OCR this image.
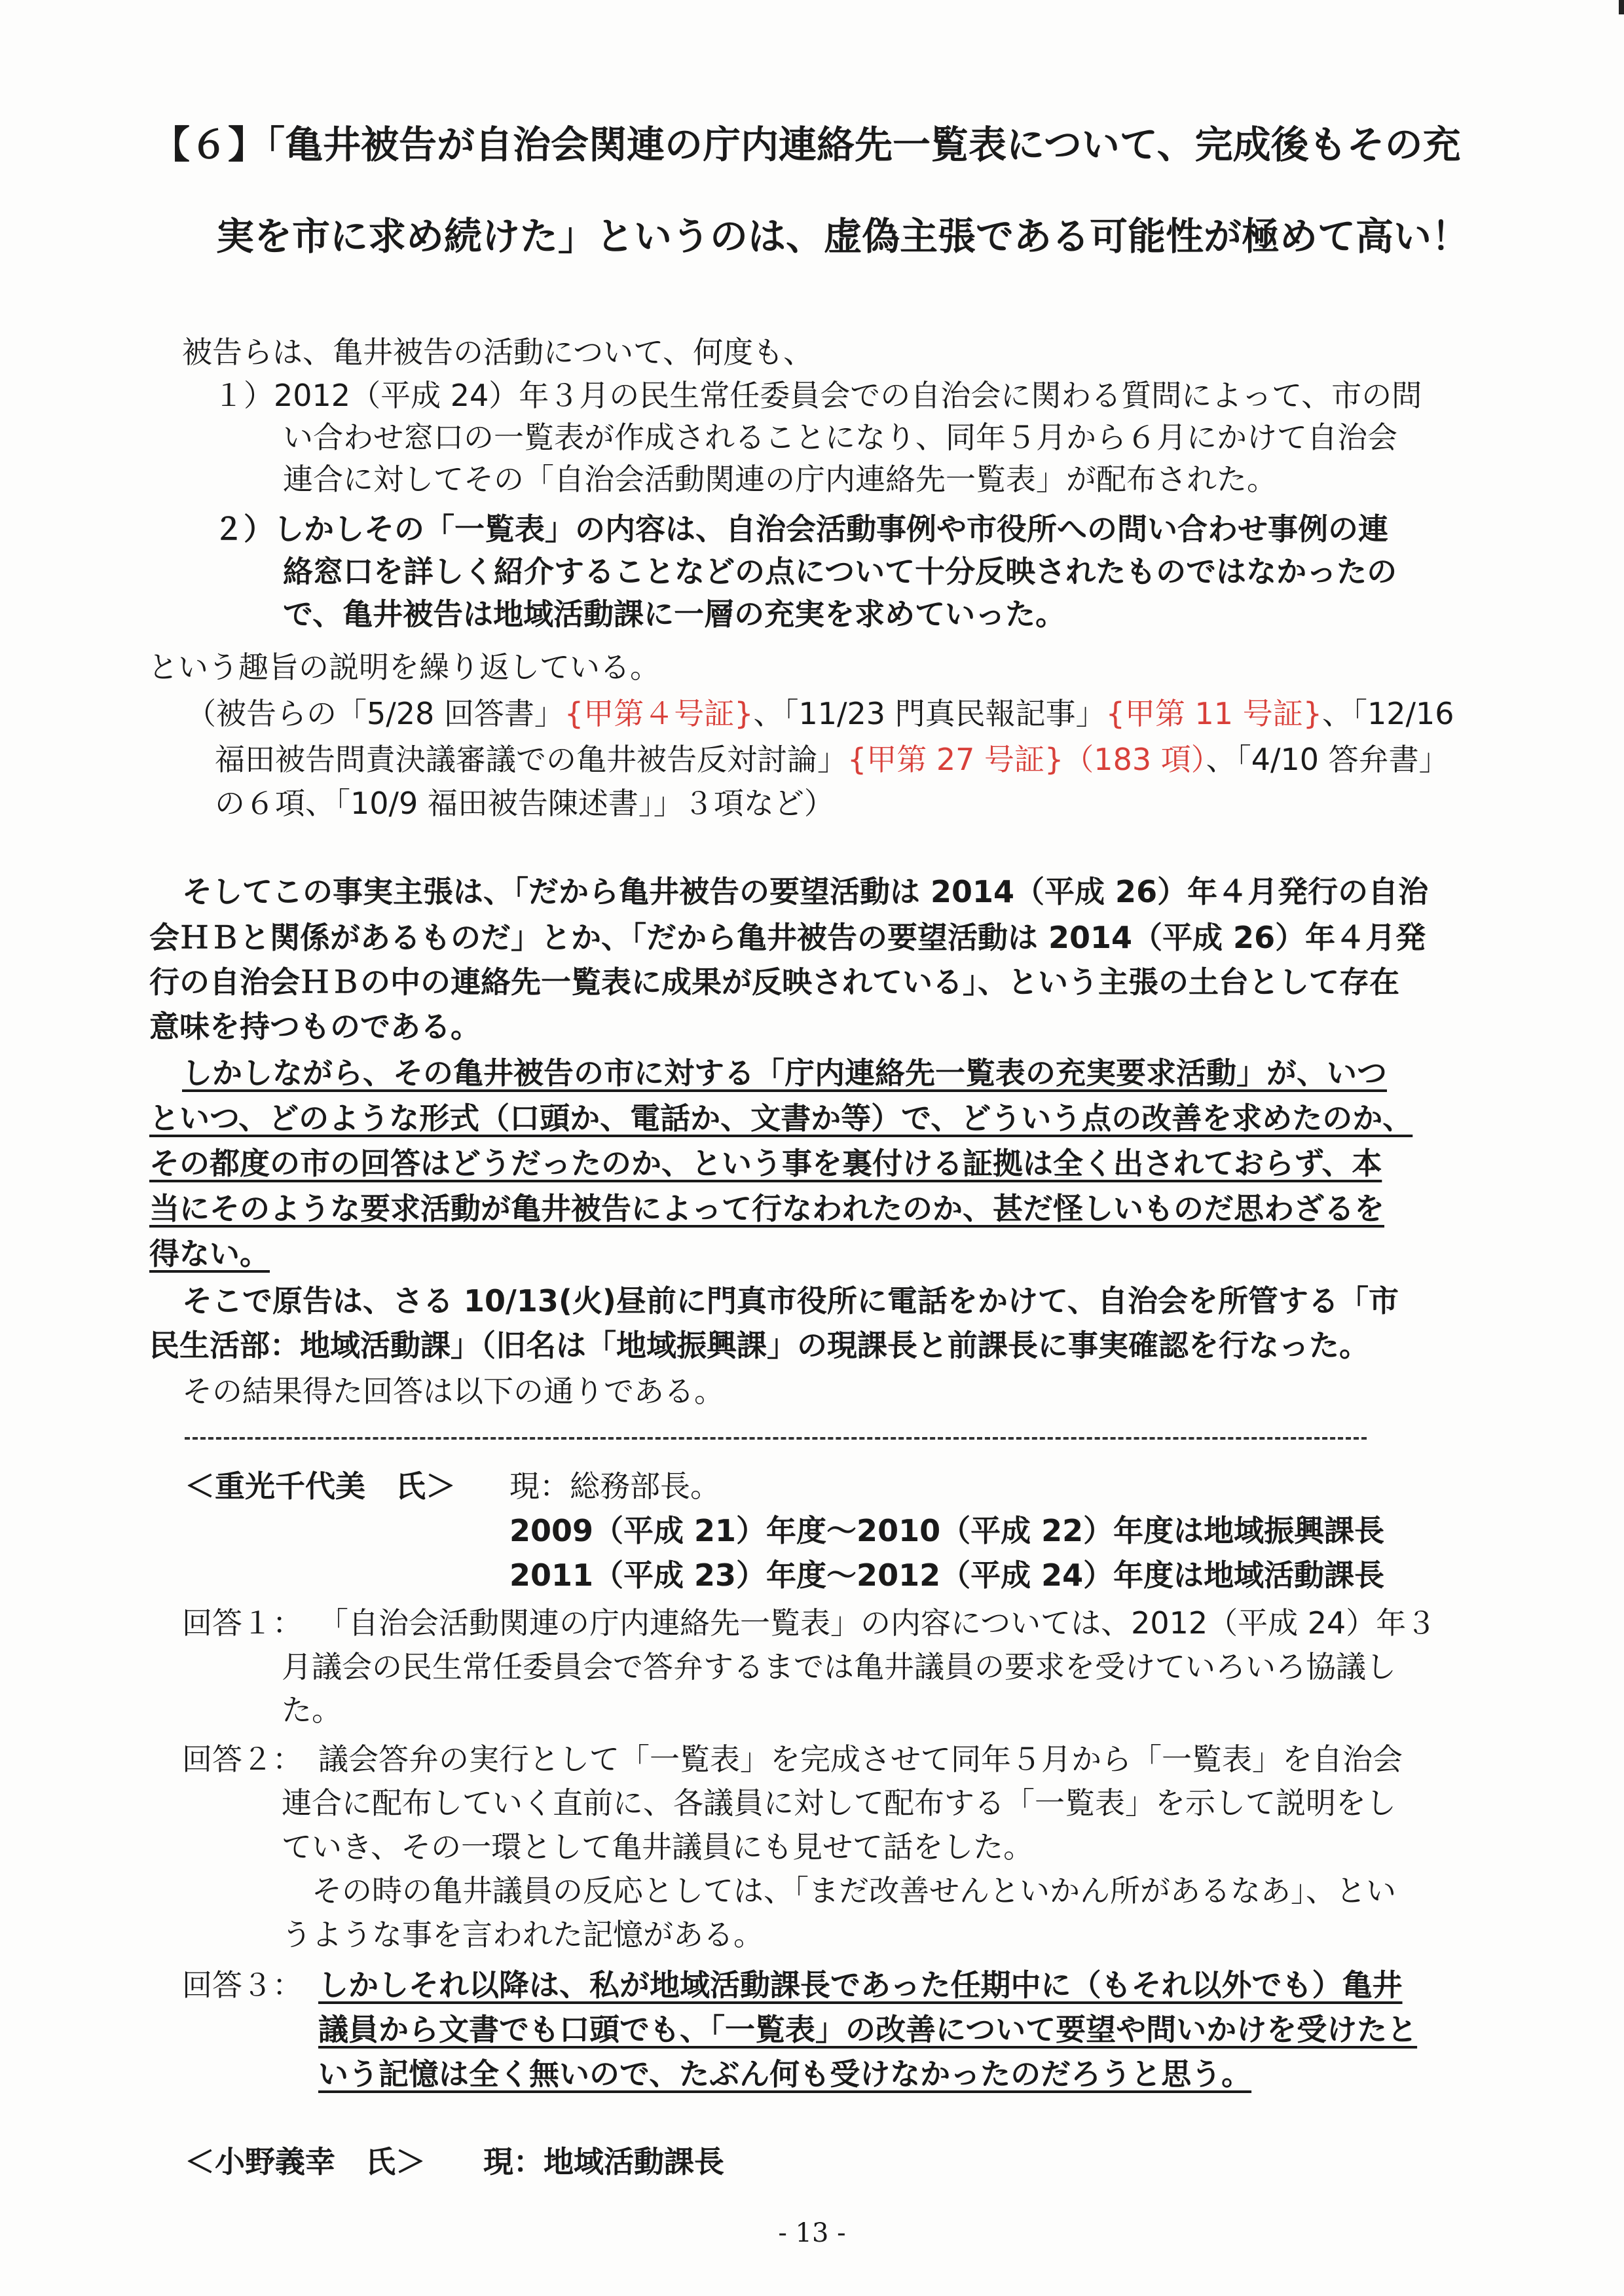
【６】「亀井被告が自治会関連の庁内連絡先一覧表について、完成後もその充
実を市に求め続けた」というのは、虚偽主張である可能性が極めて高い！
被告らは、亀井被告の活動について、何度も、
１）2012（平成 24）年３月の民生常任委員会での自治会に関わる質問によって、市の問
い合わせ窓口の一覧表が作成されることになり、同年５月から６月にかけて自治会
連合に対してその「自治会活動関連の庁内連絡先一覧表」が配布された。
２）しかしその「一覧表」の内容は、自治会活動事例や市役所への問い合わせ事例の連
絡窓口を詳しく紹介することなどの点について十分反映されたものではなかったの
で、亀井被告は地域活動課に一層の充実を求めていった。
という趣旨の説明を繰り返している。
（被告らの「5/28 回答書」{甲第４号証}、「11/23 門真民報記事」{甲第 11 号証}、「12/16
福田被告問責決議審議での亀井被告反対討論」{甲第 27 号証}（183 項）、「4/10 答弁書」
の６項、「10/9 福田被告陳述書」」３項など）
そしてこの事実主張は、「だから亀井被告の要望活動は 2014（平成 26）年４月発行の自治
会ＨＢと関係があるものだ」とか、「だから亀井被告の要望活動は 2014（平成 26）年４月発
行の自治会ＨＢの中の連絡先一覧表に成果が反映されている」、という主張の土台として存在
意味を持つものである。
しかしながら、その亀井被告の市に対する「庁内連絡先一覧表の充実要求活動」が、いつ
といつ、どのような形式（口頭か、電話か、文書か等）で、どういう点の改善を求めたのか、
その都度の市の回答はどうだったのか、という事を裏付ける証拠は全く出されておらず、本
当にそのような要求活動が亀井被告によって行なわれたのか、甚だ怪しいものだ思わざるを
得ない。
そこで原告は、さる 10/13(火)昼前に門真市役所に電話をかけて、自治会を所管する「市
民生活部：地域活動課」（旧名は「地域振興課」の現課長と前課長に事実確認を行なった。
その結果得た回答は以下の通りである。
＜重光千代美　氏＞ 現：総務部長。
2009（平成 21）年度～2010（平成 22）年度は地域振興課長
2011（平成 23）年度～2012（平成 24）年度は地域活動課長
回答１： 「自治会活動関連の庁内連絡先一覧表」の内容については、2012（平成 24）年３
月議会の民生常任委員会で答弁するまでは亀井議員の要求を受けていろいろ協議し
た。
回答２： 議会答弁の実行として「一覧表」を完成させて同年５月から「一覧表」を自治会
連合に配布していく直前に、各議員に対して配布する「一覧表」を示して説明をし
ていき、その一環として亀井議員にも見せて話をした。
その時の亀井議員の反応としては、「まだ改善せんといかん所があるなあ」、とい
うような事を言われた記憶がある。
回答３： しかしそれ以降は、私が地域活動課長であった任期中に（もそれ以外でも）亀井
議員から文書でも口頭でも、「一覧表」の改善について要望や問いかけを受けたと
いう記憶は全く無いので、たぶん何も受けなかったのだろうと思う。
＜小野義幸　氏＞ 現：地域活動課長
- 13 -
